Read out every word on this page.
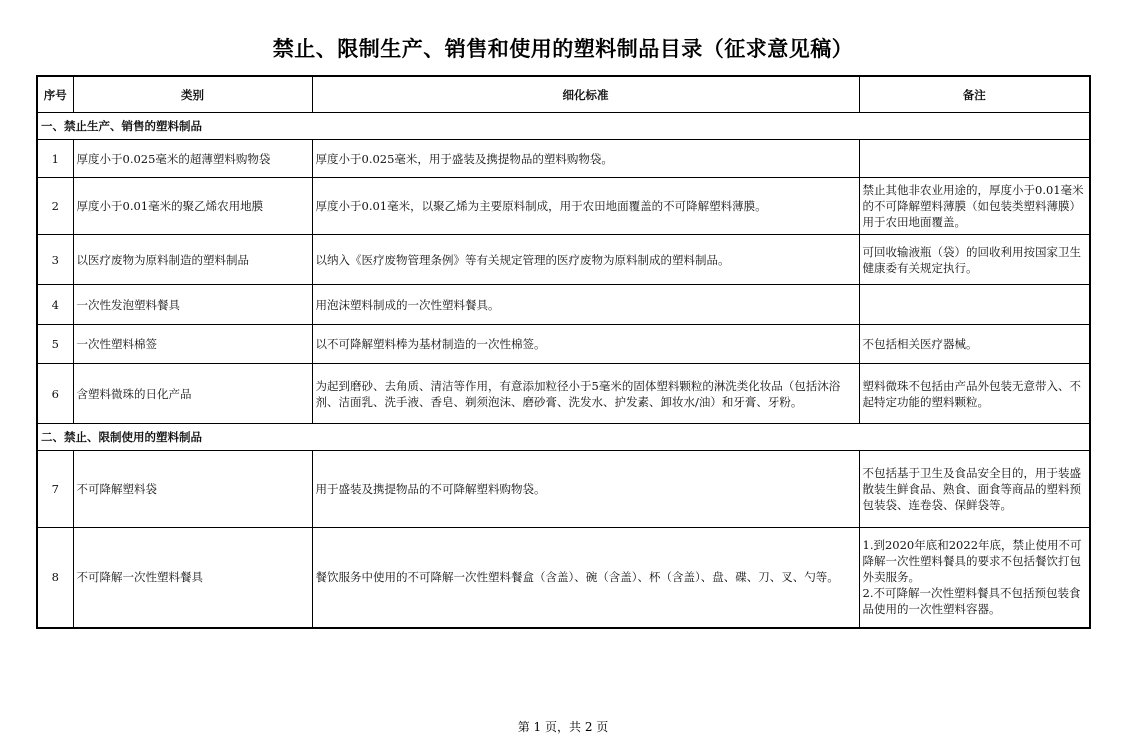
禁止、限制生产、销售和使用的塑料制品目录（征求意见稿）
序号	类别	细化标准	备注
一、禁止生产、销售的塑料制品			
1	厚度小于0.025毫米的超薄塑料购物袋	厚度小于0.025毫米，用于盛装及携提物品的塑料购物袋。	
2	厚度小于0.01毫米的聚乙烯农用地膜	厚度小于0.01毫米，以聚乙烯为主要原料制成，用于农田地面覆盖的不可降解塑料薄膜。	禁止其他非农业用途的，厚度小于0.01毫米的不可降解塑料薄膜（如包装类塑料薄膜）用于农田地面覆盖。
3	以医疗废物为原料制造的塑料制品	以纳入《医疗废物管理条例》等有关规定管理的医疗废物为原料制成的塑料制品。	可回收输液瓶（袋）的回收利用按国家卫生健康委有关规定执行。
4	一次性发泡塑料餐具	用泡沫塑料制成的一次性塑料餐具。	
5	一次性塑料棉签	以不可降解塑料棒为基材制造的一次性棉签。	不包括相关医疗器械。
6	含塑料微珠的日化产品	为起到磨砂、去角质、清洁等作用，有意添加粒径小于5毫米的固体塑料颗粒的淋洗类化妆品（包括沐浴剂、洁面乳、洗手液、香皂、剃须泡沫、磨砂膏、洗发水、护发素、卸妆水/油）和牙膏、牙粉。	塑料微珠不包括由产品外包装无意带入、不起特定功能的塑料颗粒。
二、禁止、限制使用的塑料制品			
7	不可降解塑料袋	用于盛装及携提物品的不可降解塑料购物袋。	不包括基于卫生及食品安全目的，用于装盛散装生鲜食品、熟食、面食等商品的塑料预包装袋、连卷袋、保鲜袋等。
8	不可降解一次性塑料餐具	餐饮服务中使用的不可降解一次性塑料餐盒（含盖）、碗（含盖）、杯（含盖）、盘、碟、刀、叉、勺等。	1.到2020年底和2022年底，禁止使用不可降解一次性塑料餐具的要求不包括餐饮打包外卖服务。
2.不可降解一次性塑料餐具不包括预包装食品使用的一次性塑料容器。
第 1 页，共 2 页
